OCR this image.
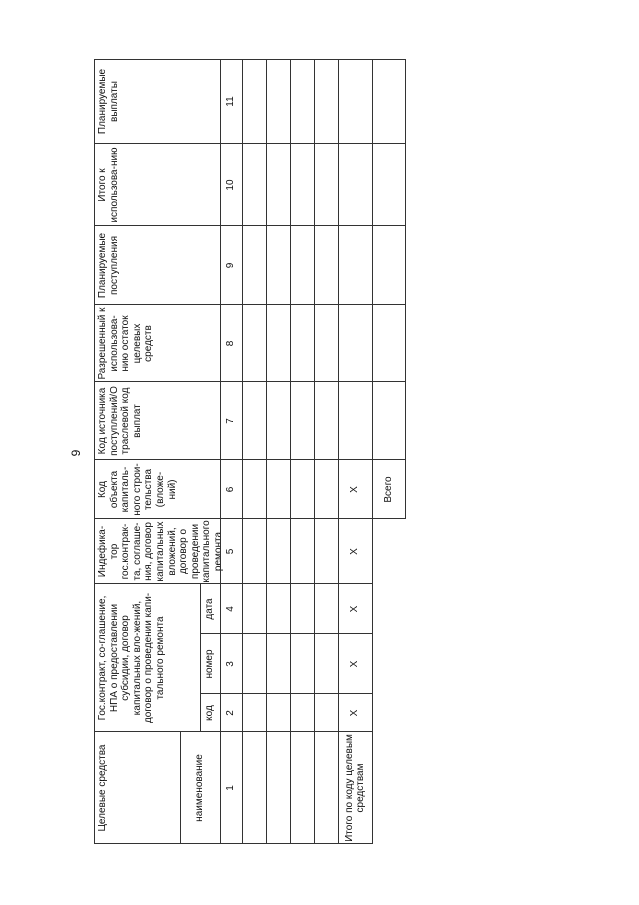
9
Целевые средства
Гос.контракт, со-глашение, НПА о предоставлении субсидии, договор капитальных вло-жений, договор о проведении капи-тального ремонта
Индефика-тор гос.контрак-та, соглаше-ния, договор капитальных вложений, договор о проведении капитального ремонта
Код объекта капиталь-ного строи-тельства (вложе-ний)
Код источника поступлений/О траслевой код выплат
Разрешенный к использова-нию остаток целевых средств
Планируемые поступления
Итого к использова-нию
Планируемые выплаты
наименование
код
номер
дата
1
2
3
4
5
6
7
8
9
10
11
Итого по коду целевым средствам
X
X
X
X
X Всего
